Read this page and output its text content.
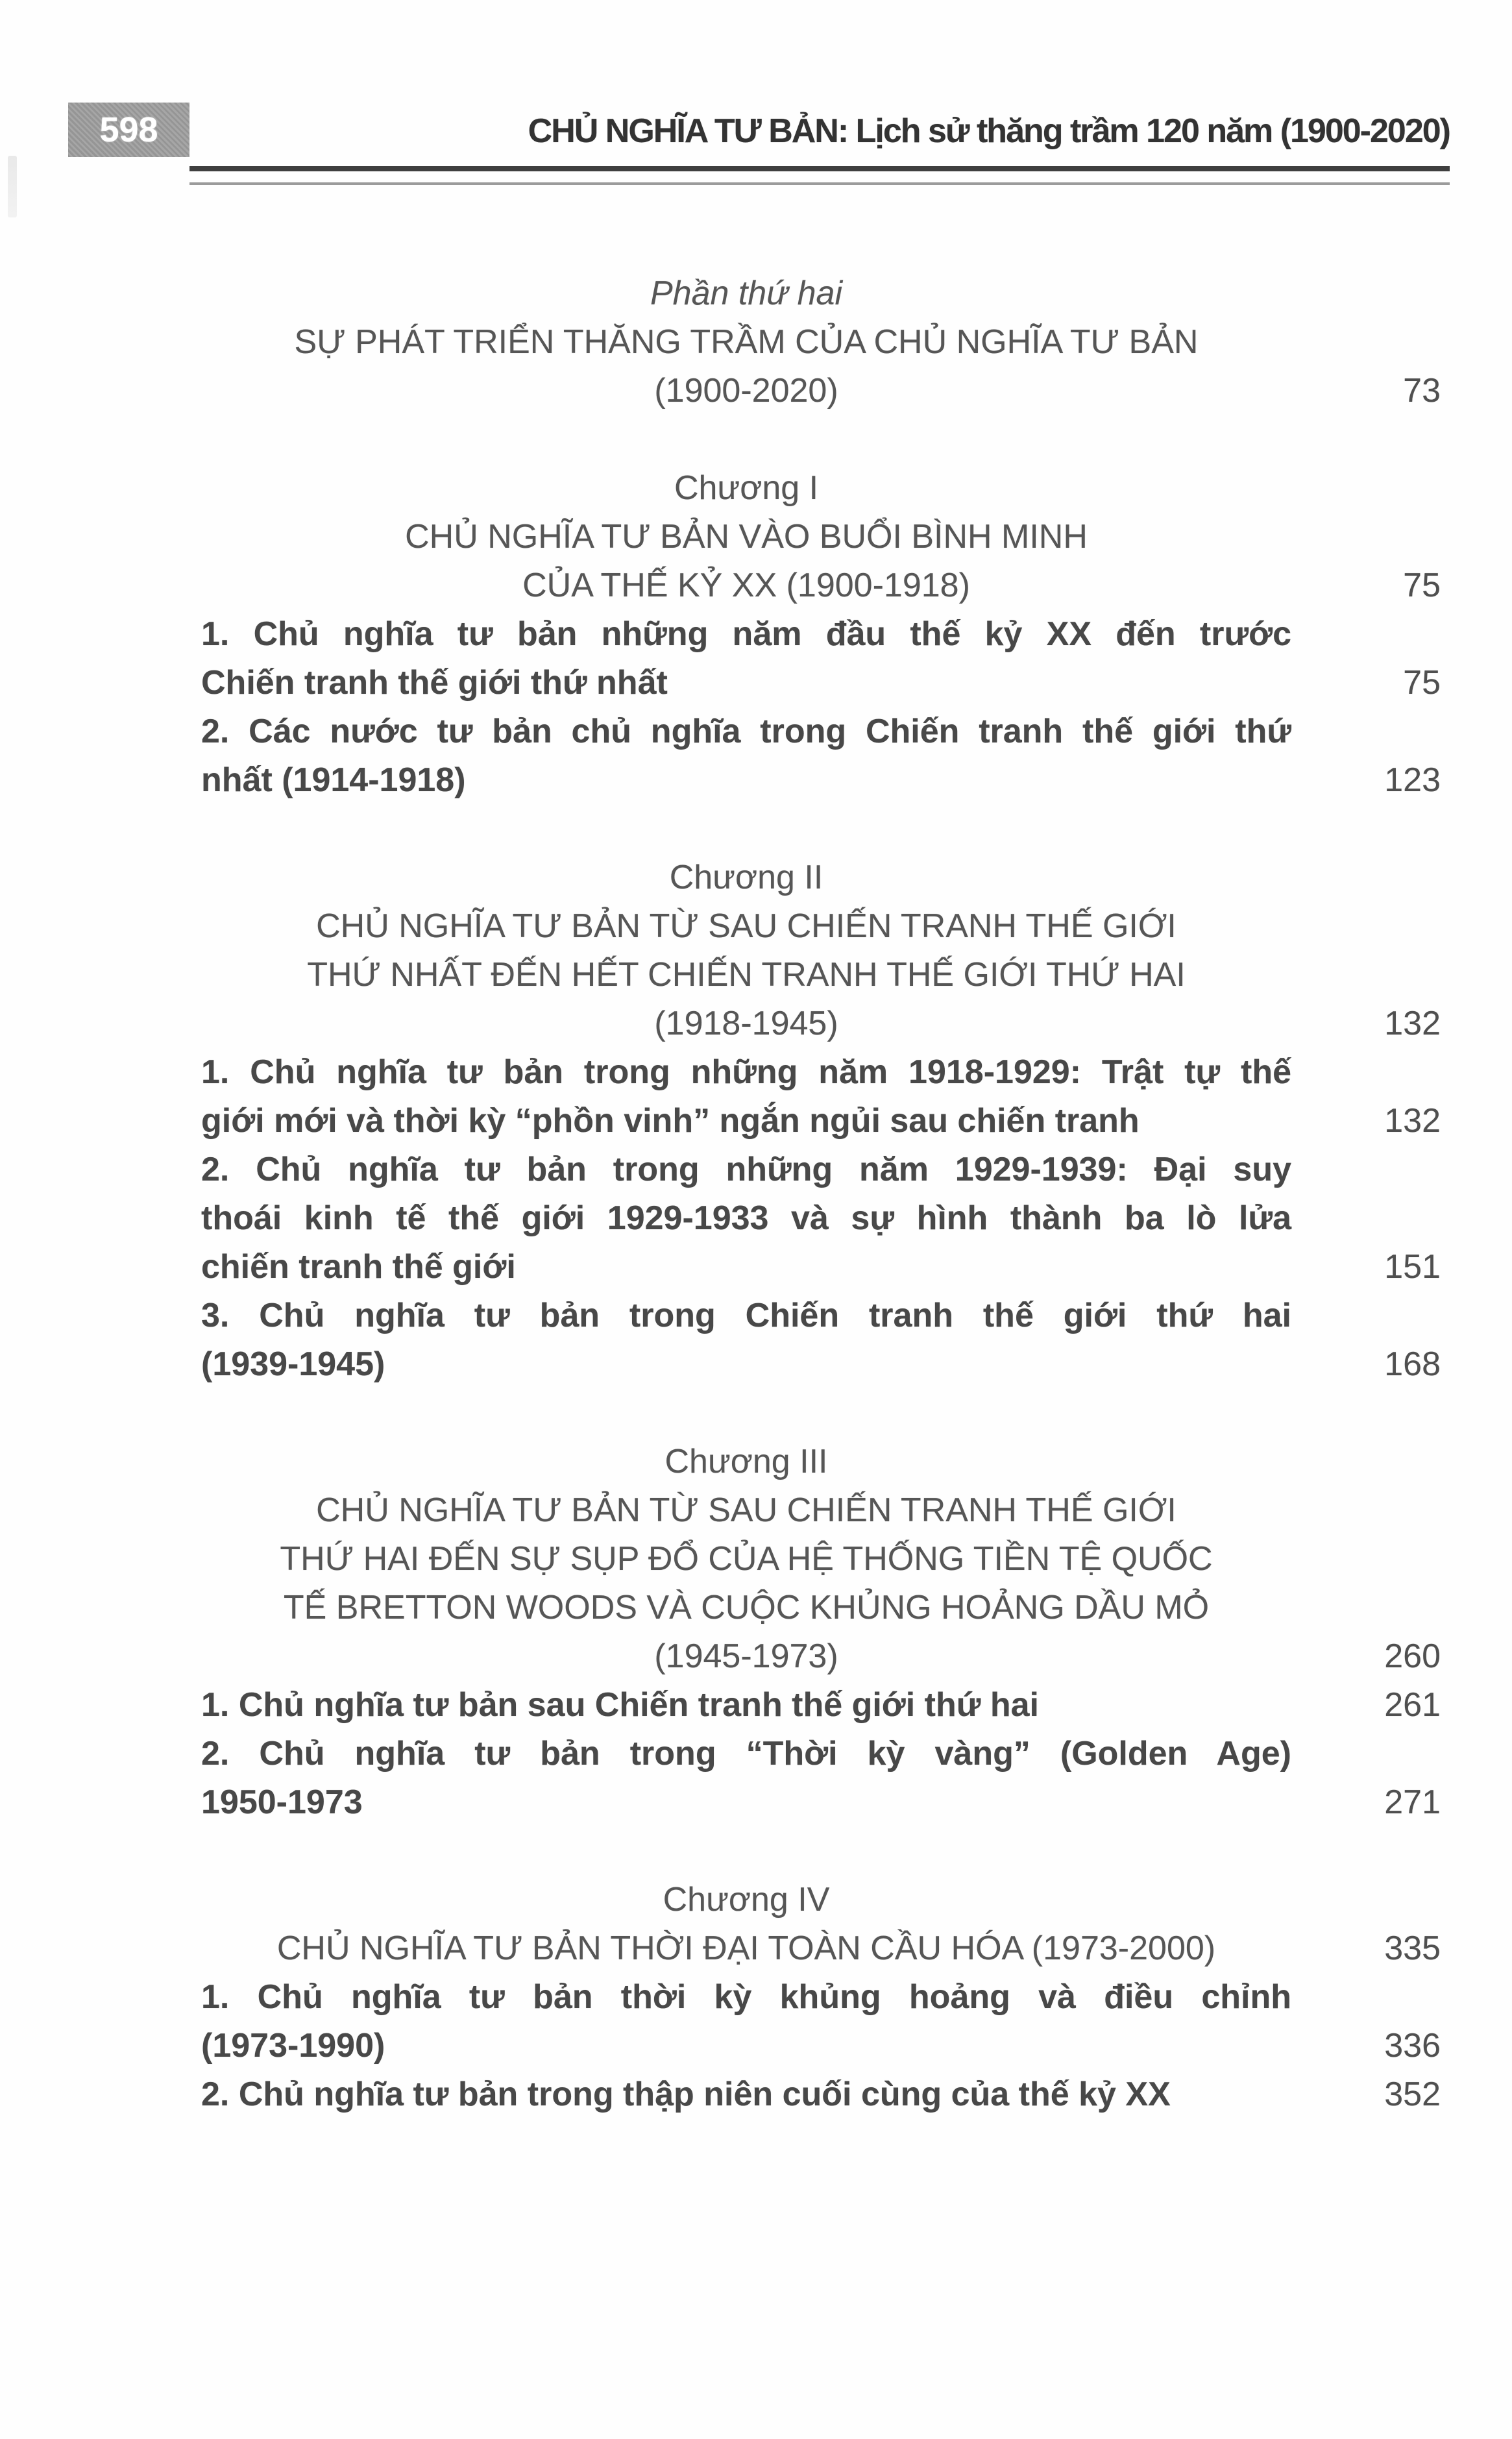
598	CHỦ NGHĨA TƯ BẢN: Lịch sử thăng trầm 120 năm (1900-2020)
Phần thứ hai
SỰ PHÁT TRIỂN THĂNG TRẦM CỦA CHỦ NGHĨA TƯ BẢN
(1900-2020)	73
Chương I
CHỦ NGHĨA TƯ BẢN VÀO BUỔI BÌNH MINH
CỦA THẾ KỶ XX (1900-1918)	75
1. Chủ nghĩa tư bản những năm đầu thế kỷ XX đến trước
Chiến tranh thế giới thứ nhất	75
2. Các nước tư bản chủ nghĩa trong Chiến tranh thế giới thứ
nhất (1914-1918)	123
Chương II
CHỦ NGHĨA TƯ BẢN TỪ SAU CHIẾN TRANH THẾ GIỚI
THỨ NHẤT ĐẾN HẾT CHIẾN TRANH THẾ GIỚI THỨ HAI
(1918-1945)	132
1. Chủ nghĩa tư bản trong những năm 1918-1929: Trật tự thế
giới mới và thời kỳ “phồn vinh” ngắn ngủi sau chiến tranh	132
2. Chủ nghĩa tư bản trong những năm 1929-1939: Đại suy
thoái kinh tế thế giới 1929-1933 và sự hình thành ba lò lửa
chiến tranh thế giới	151
3. Chủ nghĩa tư bản trong Chiến tranh thế giới thứ hai
(1939-1945)	168
Chương III
CHỦ NGHĨA TƯ BẢN TỪ SAU CHIẾN TRANH THẾ GIỚI
THỨ HAI ĐẾN SỰ SỤP ĐỔ CỦA HỆ THỐNG TIỀN TỆ QUỐC
TẾ BRETTON WOODS VÀ CUỘC KHỦNG HOẢNG DẦU MỎ
(1945-1973)	260
1. Chủ nghĩa tư bản sau Chiến tranh thế giới thứ hai	261
2. Chủ nghĩa tư bản trong “Thời kỳ vàng” (Golden Age)
1950-1973	271
Chương IV
CHỦ NGHĨA TƯ BẢN THỜI ĐẠI TOÀN CẦU HÓA (1973-2000)	335
1. Chủ nghĩa tư bản thời kỳ khủng hoảng và điều chỉnh
(1973-1990)	336
2. Chủ nghĩa tư bản trong thập niên cuối cùng của thế kỷ XX	352
